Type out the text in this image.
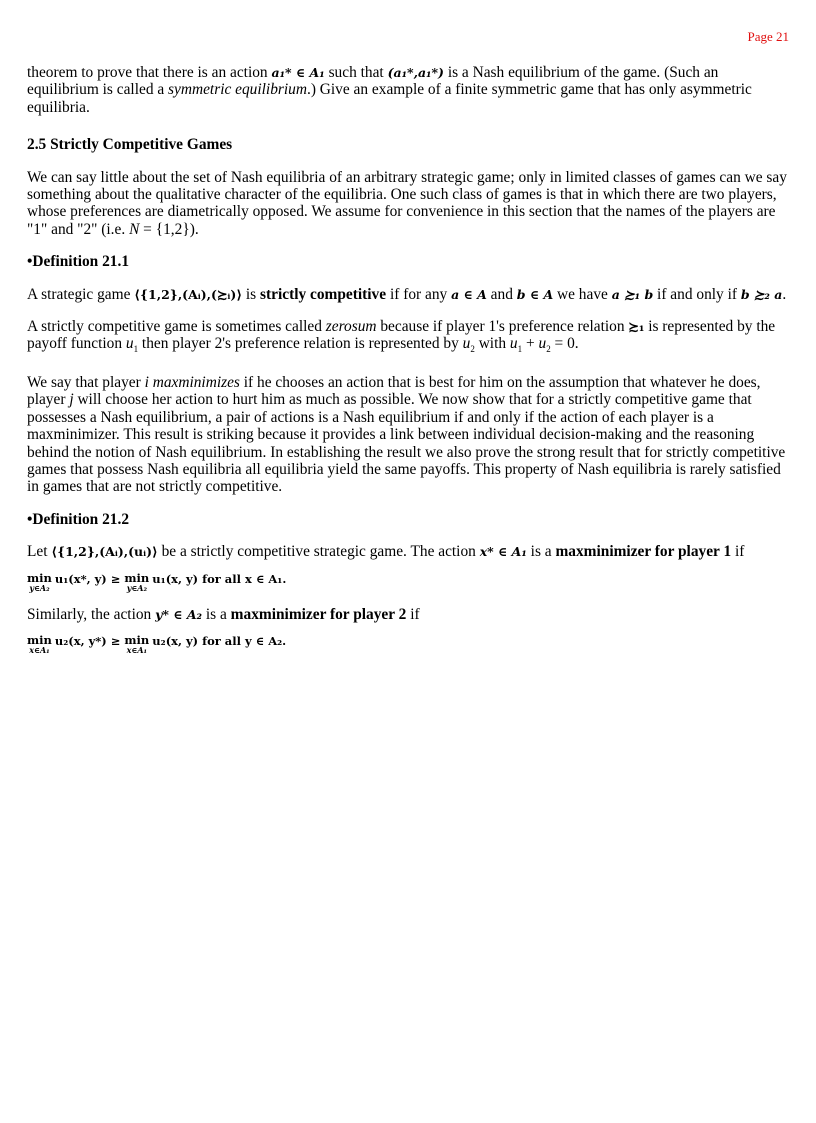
Page 21

theorem to prove that there is an action a₁* ∈ A₁ such that (a₁*,a₁*) is a Nash equilibrium of the game. (Such an equilibrium is called a symmetric equilibrium.) Give an example of a finite symmetric game that has only asymmetric equilibria.

2.5 Strictly Competitive Games

We can say little about the set of Nash equilibria of an arbitrary strategic game; only in limited classes of games can we say something about the qualitative character of the equilibria. One such class of games is that in which there are two players, whose preferences are diametrically opposed. We assume for convenience in this section that the names of the players are "1" and "2" (i.e. N = {1,2}).

•Definition 21.1

A strategic game ⟨{1,2},(Aᵢ),(≿ᵢ)⟩ is strictly competitive if for any a ∈ A and b ∈ A we have a ≿₁ b if and only if b ≿₂ a.

A strictly competitive game is sometimes called zerosum because if player 1's preference relation ≿₁ is represented by the payoff function $u_1$ then player 2's preference relation is represented by $u_2$ with $u_1 + u_2 = 0$.

We say that player i maxminimizes if he chooses an action that is best for him on the assumption that whatever he does, player j will choose her action to hurt him as much as possible. We now show that for a strictly competitive game that possesses a Nash equilibrium, a pair of actions is a Nash equilibrium if and only if the action of each player is a maxminimizer. This result is striking because it provides a link between individual decision-making and the reasoning behind the notion of Nash equilibrium. In establishing the result we also prove the strong result that for strictly competitive games that possess Nash equilibria all equilibria yield the same payoffs. This property of Nash equilibria is rarely satisfied in games that are not strictly competitive.

•Definition 21.2

Let ⟨{1,2},(Aᵢ),(uᵢ)⟩ be a strictly competitive strategic game. The action x* ∈ A₁ is a maxminimizer for player 1 if

min
y∈A₂
u₁(x*, y) ≥ min
y∈A₂
u₁(x, y) for all x ∈ A₁.

Similarly, the action y* ∈ A₂ is a maxminimizer for player 2 if

min
x∈A₁
u₂(x, y*) ≥ min
x∈A₁
u₂(x, y) for all y ∈ A₂.
